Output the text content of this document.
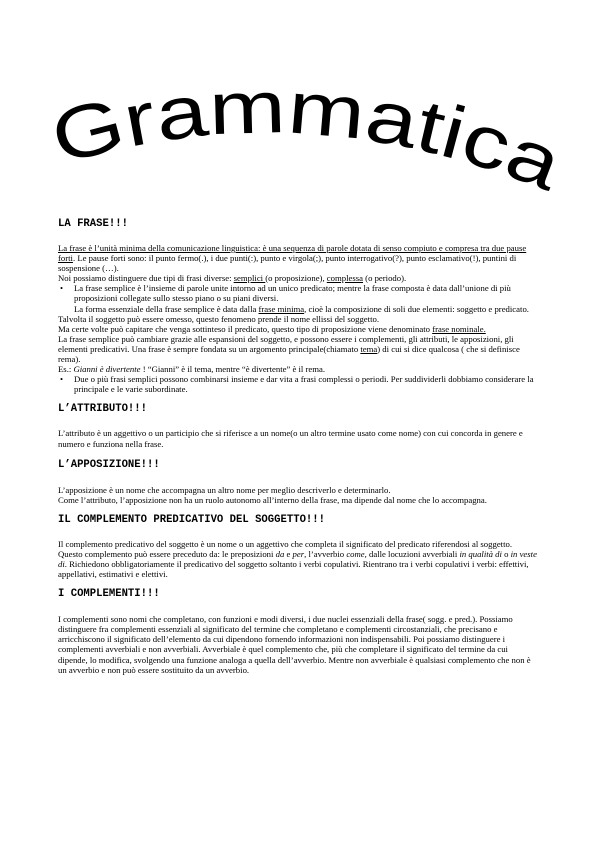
Grammatica
LA FRASE!!!

La frase è l’unità minima della comunicazione linguistica: è una sequenza di parole dotata di senso compiuto e compresa tra due pause forti. Le pause forti sono: il punto fermo(.), i due punti(:), punto e virgola(;), punto interrogativo(?), punto esclamativo(!), puntini di sospensione (…).

Noi possiamo distinguere due tipi di frasi diverse: semplici (o proposizione), complessa (o periodo).

• La frase semplice è l’insieme di parole unite intorno ad un unico predicato; mentre la frase composta è data dall’unione di più proposizioni collegate sullo stesso piano o su piani diversi.

La forma essenziale della frase semplice è data dalla frase minima, cioè la composizione di soli due elementi: soggetto e predicato. Talvolta il soggetto può essere omesso, questo fenomeno prende il nome ellissi del soggetto.

Ma certe volte può capitare che venga sottinteso il predicato, questo tipo di proposizione viene denominato frase nominale.

La frase semplice può cambiare grazie alle espansioni del soggetto, e possono essere i complementi, gli attributi, le apposizioni, gli elementi predicativi. Una frase è sempre fondata su un argomento principale(chiamato tema) di cui si dice qualcosa ( che si definisce rema).

Es.: Gianni è divertente ! “Gianni” è il tema, mentre “è divertente” è il rema.

• Due o più frasi semplici possono combinarsi insieme e dar vita a frasi complessi o periodi. Per suddividerli dobbiamo considerare la principale e le varie subordinate.
L’ATTRIBUTO!!!

L’attributo è un aggettivo o un participio che si riferisce a un nome(o un altro termine usato come nome) con cui concorda in genere e numero e funziona nella frase.

L’APPOSIZIONE!!!

L’apposizione è un nome che accompagna un altro nome per meglio descriverlo e determinarlo.

Come l’attributo, l’apposizione non ha un ruolo autonomo all’interno della frase, ma dipende dal nome che lo accompagna.

IL COMPLEMENTO PREDICATIVO DEL SOGGETTO!!!

Il complemento predicativo del soggetto è un nome o un aggettivo che completa il significato del predicato riferendosi al soggetto. Questo complemento può essere preceduto da: le preposizioni da e per, l’avverbio come, dalle locuzioni avverbiali in qualità di o in veste di. Richiedono obbligatoriamente il predicativo del soggetto soltanto i verbi copulativi. Rientrano tra i verbi copulativi i verbi: effettivi, appellativi, estimativi e elettivi.

I COMPLEMENTI!!!

I complementi sono nomi che completano, con funzioni e modi diversi, i due nuclei essenziali della frase( sogg. e pred.). Possiamo distinguere fra complementi essenziali al significato del termine che completano e complementi circostanziali, che precisano e arricchiscono il significato dell’elemento da cui dipendono fornendo informazioni non indispensabili. Poi possiamo distinguere i complementi avverbiali e non avverbiali. Avverbiale è quel complemento che, più che completare il significato del termine da cui dipende, lo modifica, svolgendo una funzione analoga a quella dell’avverbio. Mentre non avverbiale è qualsiasi complemento che non è un avverbio e non può essere sostituito da un avverbio.
